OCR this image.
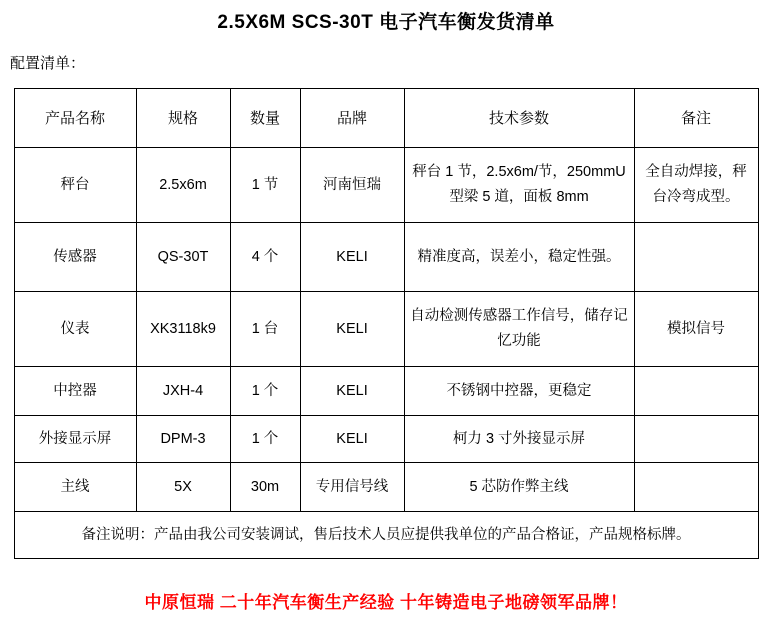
2.5X6M SCS-30T 电子汽车衡发货清单
配置清单：
产品名称	规格	数量	品牌	技术参数	备注
秤台	2.5x6m	1 节	河南恒瑞	秤台 1 节，2.5x6m/节，250mmU 型梁 5 道，面板 8mm	全自动焊接，秤台冷弯成型。
传感器	QS-30T	4 个	KELI	精准度高，误差小，稳定性强。	
仪表	XK3118k9	1 台	KELI	自动检测传感器工作信号，储存记忆功能	模拟信号
中控器	JXH-4	1 个	KELI	不锈钢中控器，更稳定	
外接显示屏	DPM-3	1 个	KELI	柯力 3 寸外接显示屏	
主线	5X	30m	专用信号线	5 芯防作弊主线	
备注说明：产品由我公司安装调试，售后技术人员应提供我单位的产品合格证，产品规格标牌。					
中原恒瑞 二十年汽车衡生产经验 十年铸造电子地磅领军品牌！
